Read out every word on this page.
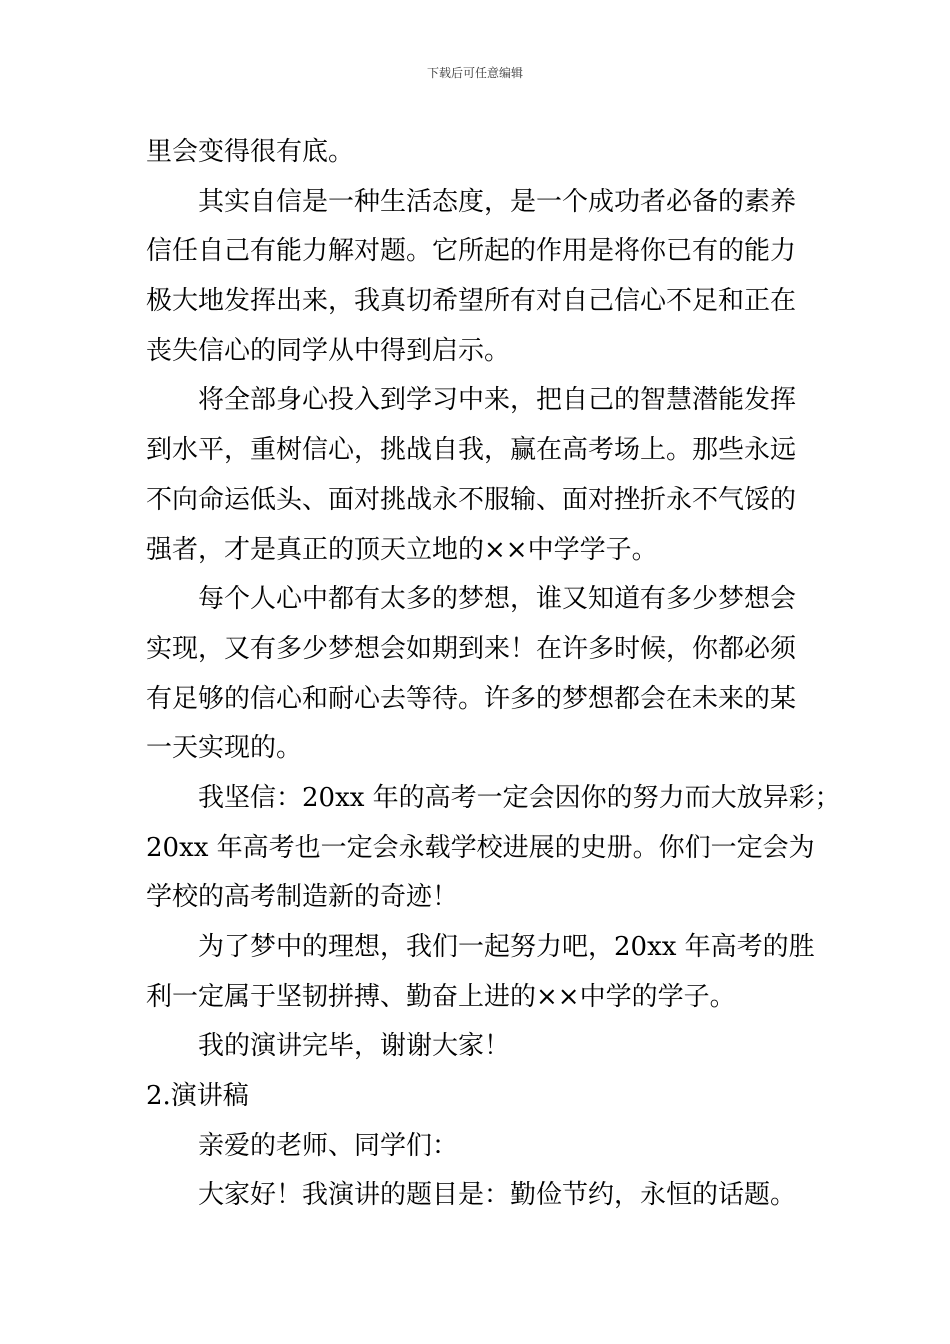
下载后可任意编辑
里会变得很有底。
其实自信是一种生活态度，是一个成功者必备的素养
信任自己有能力解对题。它所起的作用是将你已有的能力
极大地发挥出来，我真切希望所有对自己信心不足和正在
丧失信心的同学从中得到启示。
将全部身心投入到学习中来，把自己的智慧潜能发挥
到水平，重树信心，挑战自我，赢在高考场上。那些永远
不向命运低头、面对挑战永不服输、面对挫折永不气馁的
强者，才是真正的顶天立地的××中学学子。
每个人心中都有太多的梦想，谁又知道有多少梦想会
实现，又有多少梦想会如期到来！在许多时候，你都必须
有足够的信心和耐心去等待。许多的梦想都会在未来的某
一天实现的。
我坚信：20xx 年的高考一定会因你的努力而大放异彩；
20xx 年高考也一定会永载学校进展的史册。你们一定会为
学校的高考制造新的奇迹！
为了梦中的理想，我们一起努力吧，20xx 年高考的胜
利一定属于坚韧拼搏、勤奋上进的××中学的学子。
我的演讲完毕，谢谢大家！
2.演讲稿
亲爱的老师、同学们：
大家好！我演讲的题目是：勤俭节约，永恒的话题。
